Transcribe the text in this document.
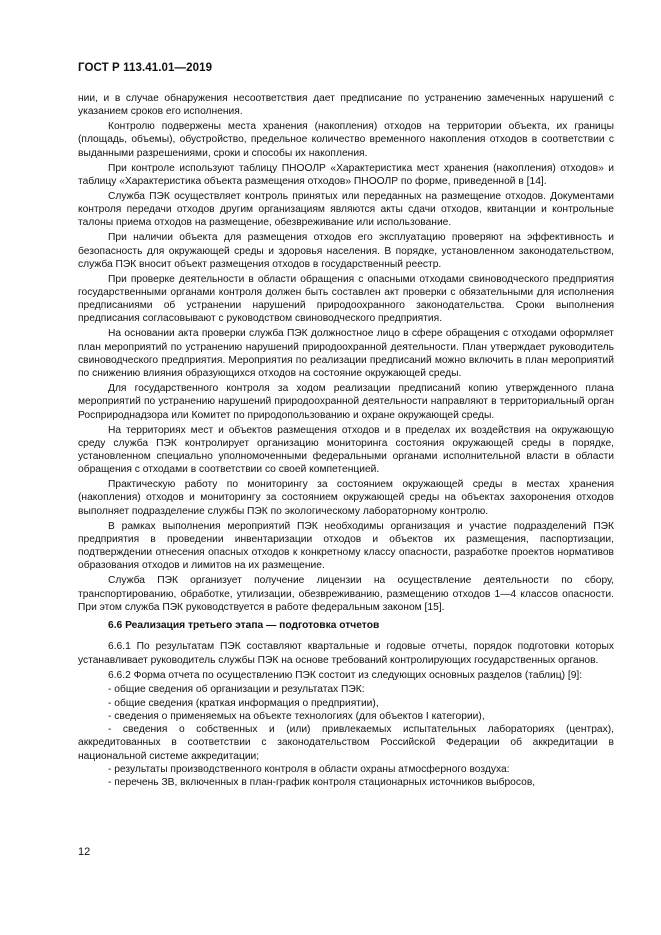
ГОСТ Р 113.41.01—2019

нии, и в случае обнаружения несоответствия дает предписание по устранению замеченных нарушений с указанием сроков его исполнения.

Контролю подвержены места хранения (накопления) отходов на территории объекта, их границы (площадь, объемы), обустройство, предельное количество временного накопления отходов в соответствии с выданными разрешениями, сроки и способы их накопления.

При контроле используют таблицу ПНООЛР «Характеристика мест хранения (накопления) отходов» и таблицу «Характеристика объекта размещения отходов» ПНООЛР по форме, приведенной в [14].

Служба ПЭК осуществляет контроль принятых или переданных на размещение отходов. Документами контроля передачи отходов другим организациям являются акты сдачи отходов, квитанции и контрольные талоны приема отходов на размещение, обезвреживание или использование.

При наличии объекта для размещения отходов его эксплуатацию проверяют на эффективность и безопасность для окружающей среды и здоровья населения. В порядке, установленном законодательством, служба ПЭК вносит объект размещения отходов в государственный реестр.

При проверке деятельности в области обращения с опасными отходами свиноводческого предприятия государственными органами контроля должен быть составлен акт проверки с обязательными для исполнения предписаниями об устранении нарушений природоохранного законодательства. Сроки выполнения предписания согласовывают с руководством свиноводческого предприятия.

На основании акта проверки служба ПЭК должностное лицо в сфере обращения с отходами оформляет план мероприятий по устранению нарушений природоохранной деятельности. План утверждает руководитель свиноводческого предприятия. Мероприятия по реализации предписаний можно включить в план мероприятий по снижению влияния образующихся отходов на состояние окружающей среды.

Для государственного контроля за ходом реализации предписаний копию утвержденного плана мероприятий по устранению нарушений природоохранной деятельности направляют в территориальный орган Росприроднадзора или Комитет по природопользованию и охране окружающей среды.

На территориях мест и объектов размещения отходов и в пределах их воздействия на окружающую среду служба ПЭК контролирует организацию мониторинга состояния окружающей среды в порядке, установленном специально уполномоченными федеральными органами исполнительной власти в области обращения с отходами в соответствии со своей компетенцией.

Практическую работу по мониторингу за состоянием окружающей среды в местах хранения (накопления) отходов и мониторингу за состоянием окружающей среды на объектах захоронения отходов выполняет подразделение службы ПЭК по экологическому лабораторному контролю.

В рамках выполнения мероприятий ПЭК необходимы организация и участие подразделений ПЭК предприятия в проведении инвентаризации отходов и объектов их размещения, паспортизации, подтверждении отнесения опасных отходов к конкретному классу опасности, разработке проектов нормативов образования отходов и лимитов на их размещение.

Служба ПЭК организует получение лицензии на осуществление деятельности по сбору, транспортированию, обработке, утилизации, обезвреживанию, размещению отходов 1—4 классов опасности. При этом служба ПЭК руководствуется в работе федеральным законом [15].

6.6 Реализация третьего этапа — подготовка отчетов

6.6.1 По результатам ПЭК составляют квартальные и годовые отчеты, порядок подготовки которых устанавливает руководитель службы ПЭК на основе требований контролирующих государственных органов.

6.6.2 Форма отчета по осуществлению ПЭК состоит из следующих основных разделов (таблиц) [9]:

- общие сведения об организации и результатах ПЭК:

- общие сведения (краткая информация о предприятии),

- сведения о применяемых на объекте технологиях (для объектов I категории),

- сведения о собственных и (или) привлекаемых испытательных лабораториях (центрах), аккредитованных в соответствии с законодательством Российской Федерации об аккредитации в национальной системе аккредитации;

- результаты производственного контроля в области охраны атмосферного воздуха:

- перечень ЗВ, включенных в план-график контроля стационарных источников выбросов,

12
